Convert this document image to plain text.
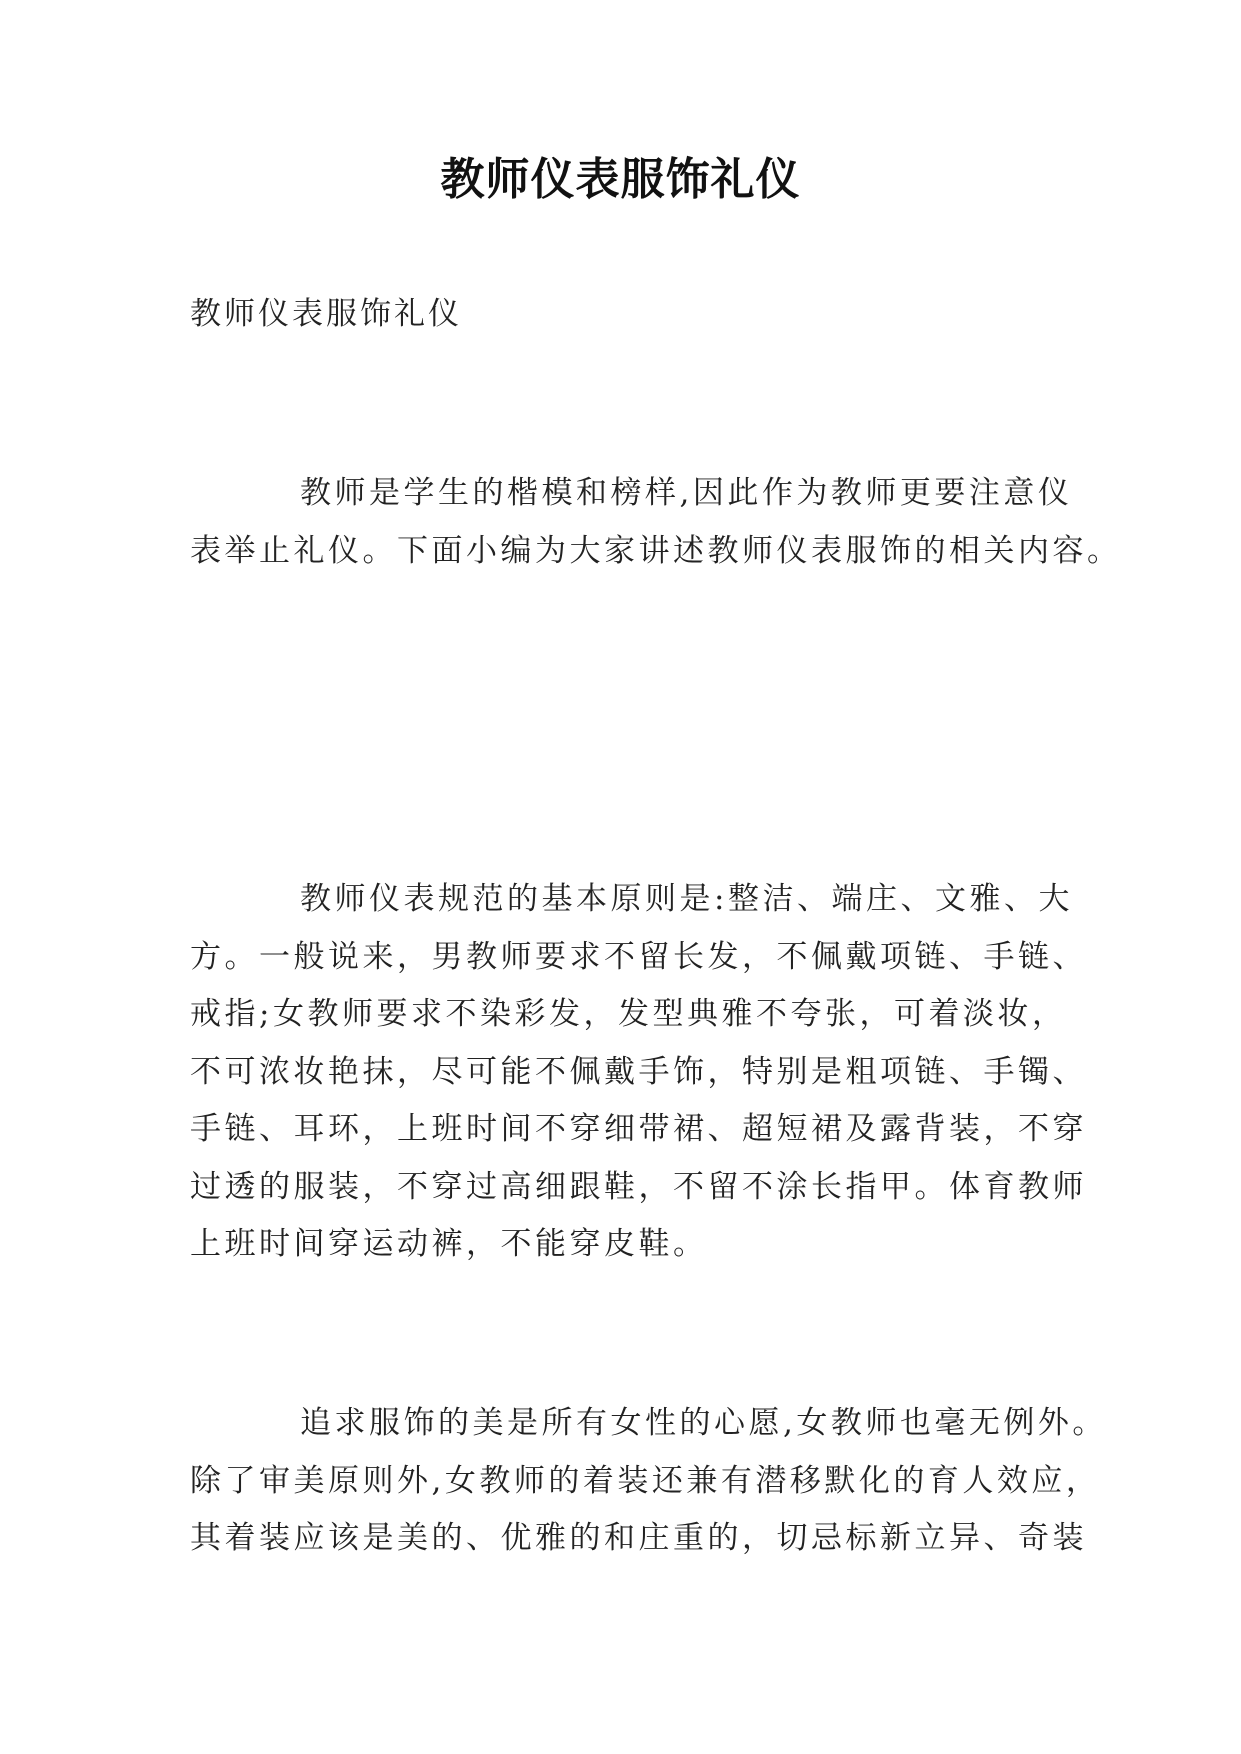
教师仪表服饰礼仪
教师仪表服饰礼仪
教师是学生的楷模和榜样,因此作为教师更要注意仪
表举止礼仪。下面小编为大家讲述教师仪表服饰的相关内容。
教师仪表规范的基本原则是:整洁、端庄、文雅、大
方。一般说来，男教师要求不留长发，不佩戴项链、手链、
戒指;女教师要求不染彩发，发型典雅不夸张，可着淡妆，
不可浓妆艳抹，尽可能不佩戴手饰，特别是粗项链、手镯、
手链、耳环，上班时间不穿细带裙、超短裙及露背装，不穿
过透的服装，不穿过高细跟鞋，不留不涂长指甲。体育教师
上班时间穿运动裤，不能穿皮鞋。
追求服饰的美是所有女性的心愿,女教师也毫无例外。
除了审美原则外,女教师的着装还兼有潜移默化的育人效应，
其着装应该是美的、优雅的和庄重的，切忌标新立异、奇装
